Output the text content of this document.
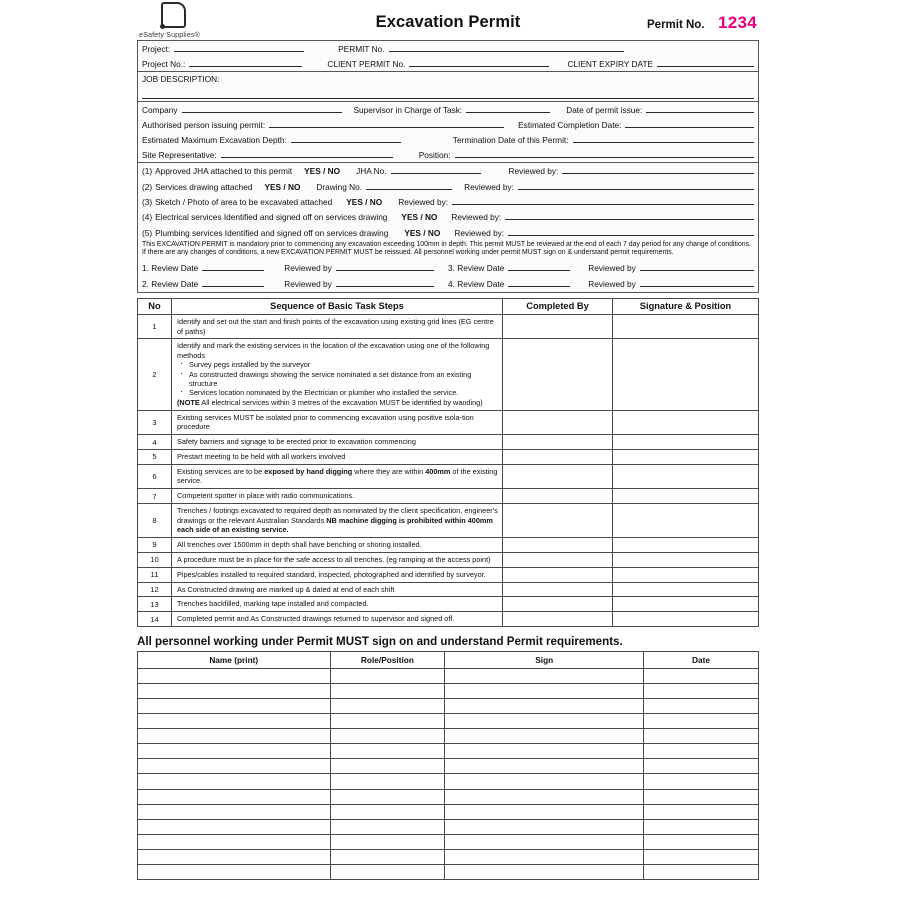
eSafety Supplies®
Excavation Permit	Permit No. 1234
Project:	PERMIT No.
Project No.:	CLIENT PERMIT No.	CLIENT EXPIRY DATE
JOB DESCRIPTION:
Company	Supervisor in Charge of Task:	Date of permit issue:
Authorised person issuing permit:	Estimated Completion Date:
Estimated Maximum Excavation Depth:	Termination Date of this Permit:
Site Representative:	Position:
(1) Approved JHA attached to this permit YES / NO JHA No.	Reviewed by:
(2) Services drawing attached YES / NO Drawing No.	Reviewed by:
(3) Sketch / Photo of area to be excavated attached YES / NO Reviewed by:
(4) Electrical services Identified and signed off on services drawing YES / NO Reviewed by:
(5) Plumbing services Identified and signed off on services drawing YES / NO Reviewed by:
This EXCAVATION PERMIT is mandatory prior to commencing any excavation exceeding 100mm in depth. This permit MUST be reviewed at the end of each 7 day period for any change of conditions. If there are any changes of conditions, a new EXCAVATION PERMIT MUST be reissued. All personnel working under permit MUST sign on & understand permit requirements.
1. Review Date	Reviewed by	3. Review Date	Reviewed by
2. Review Date	Reviewed by	4. Review Date	Reviewed by
No	Sequence of Basic Task Steps	Completed By	Signature & Position
1	Identify and set out the start and finish points of the excavation using existing grid lines (EG centre of paths)		
2	Identify and mark the existing services in the location of the excavation using one of the following methods
· Survey pegs installed by the surveyor
· As constructed drawings showing the service nominated a set distance from an existing structure
· Services location nominated by the Electrician or plumber who installed the service.
(NOTE All electrical services within 3 metres of the excavation MUST be identified by wanding)

3	Existing services MUST be isolated prior to commencing excavation using positive isola-tion procedure		
4	Safety barriers and signage to be erected prior to excavation commencing		
5	Prestart meeting to be held with all workers involved		
6	Existing services are to be exposed by hand digging where they are within 400mm of the existing service.		
7	Competent spotter in place with radio communications.		
8	Trenches / footings excavated to required depth as nominated by the client specification, engineer's drawings or the relevant Australian Standards NB machine digging is prohibited within 400mm each side of an existing service.		
9	All trenches over 1500mm in depth shall have benching or shoring installed.		
10	A procedure must be in place for the safe access to all trenches. (eg ramping at the access point)		
11	Pipes/cables installed to required standard, inspected, photographed and identified by surveyor.		
12	As Constructed drawing are marked up & dated at end of each shift		
13	Trenches backfilled, marking tape installed and compacted.		
14	Completed permit and As Constructed drawings returned to supervisor and signed off.		
All personnel working under Permit MUST sign on and understand Permit requirements.
Name (print)	Role/Position	Sign	Date
